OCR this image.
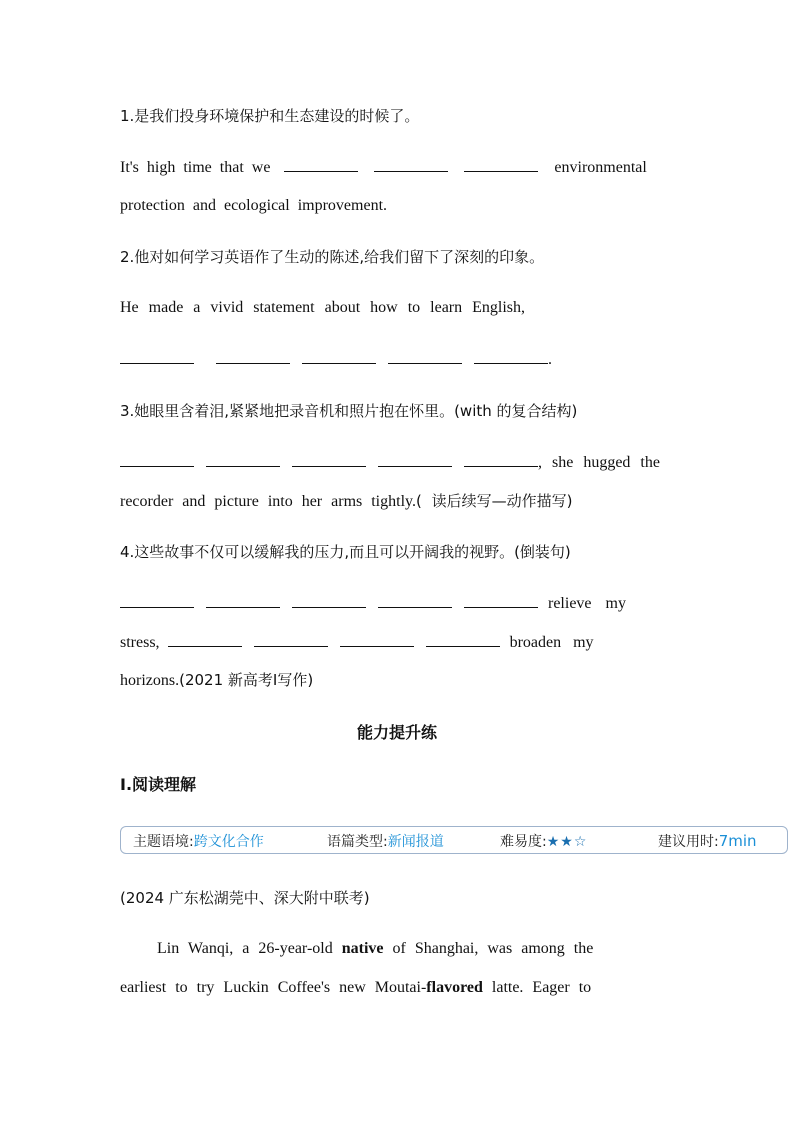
1.是我们投身环境保护和生态建设的时候了。
It's high time that we	environmental
protection and ecological improvement.
2.他对如何学习英语作了生动的陈述,给我们留下了深刻的印象。
He made a vivid statement about how to learn English,
.
3.她眼里含着泪,紧紧地把录音机和照片抱在怀里。(with 的复合结构)
, she hugged the
recorder and picture into her arms tightly.( 读后续写—动作描写)
4.这些故事不仅可以缓解我的压力,而且可以开阔我的视野。(倒装句)
relieve my
stress,	broaden my
horizons.(2021 新高考Ⅰ写作)
能力提升练
Ⅰ.阅读理解
主题语境:跨文化合作	语篇类型:新闻报道	难易度:★★☆	建议用时:7min
(2024 广东松湖莞中、深大附中联考)
Lin Wanqi, a 26-year-old native of Shanghai, was among the
earliest to try Luckin Coffee's new Moutai-flavored latte. Eager to
